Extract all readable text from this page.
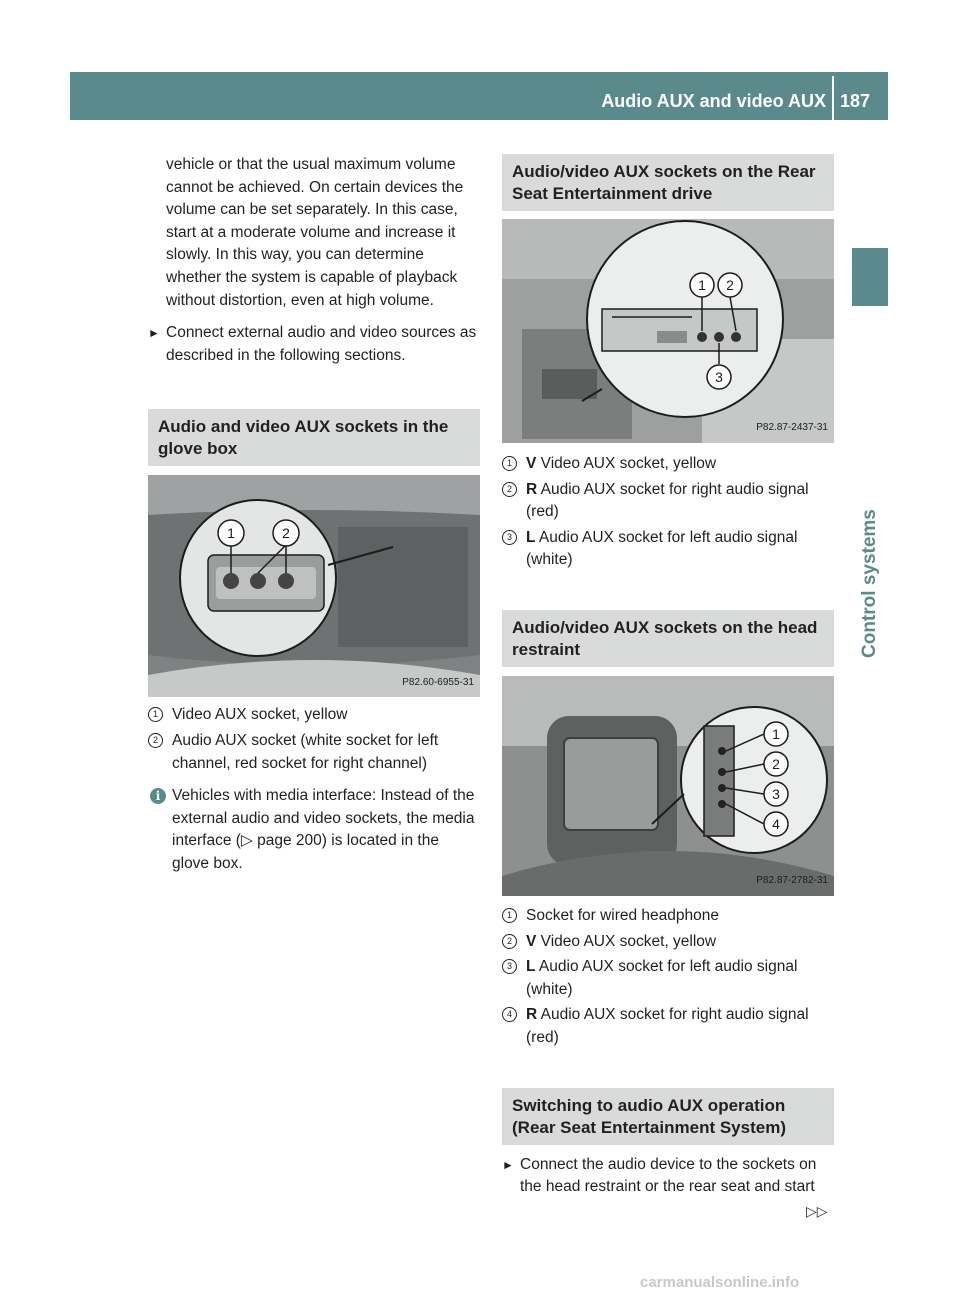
Audio AUX and video AUX 187
Control systems

vehicle or that the usual maximum volume cannot be achieved. On certain devices the volume can be set separately. In this case, start at a moderate volume and increase it slowly. In this way, you can determine whether the system is capable of playback without distortion, even at high volume.

► Connect external audio and video sources as described in the following sections.
Audio and video AUX sockets in the glove box
1	2
P82.60-6955-31
1 Video AUX socket, yellow
2 Audio AUX socket (white socket for left channel, red socket for right channel)
i Vehicles with media interface: Instead of the external audio and video sockets, the media interface (▷ page 200) is located in the glove box.
Audio/video AUX sockets on the Rear Seat Entertainment drive
1 2
3
P82.87-2437-31
1 V Video AUX socket, yellow
2 R Audio AUX socket for right audio signal (red)
3 L Audio AUX socket for left audio signal (white)
Audio/video AUX sockets on the head restraint
1
2
3
4
P82.87-2782-31
1 Socket for wired headphone
2 V Video AUX socket, yellow
3 L Audio AUX socket for left audio signal (white)
4 R Audio AUX socket for right audio signal (red)
Switching to audio AUX operation (Rear Seat Entertainment System)
► Connect the audio device to the sockets on the head restraint or the rear seat and start
▷▷
carmanualsonline.info
